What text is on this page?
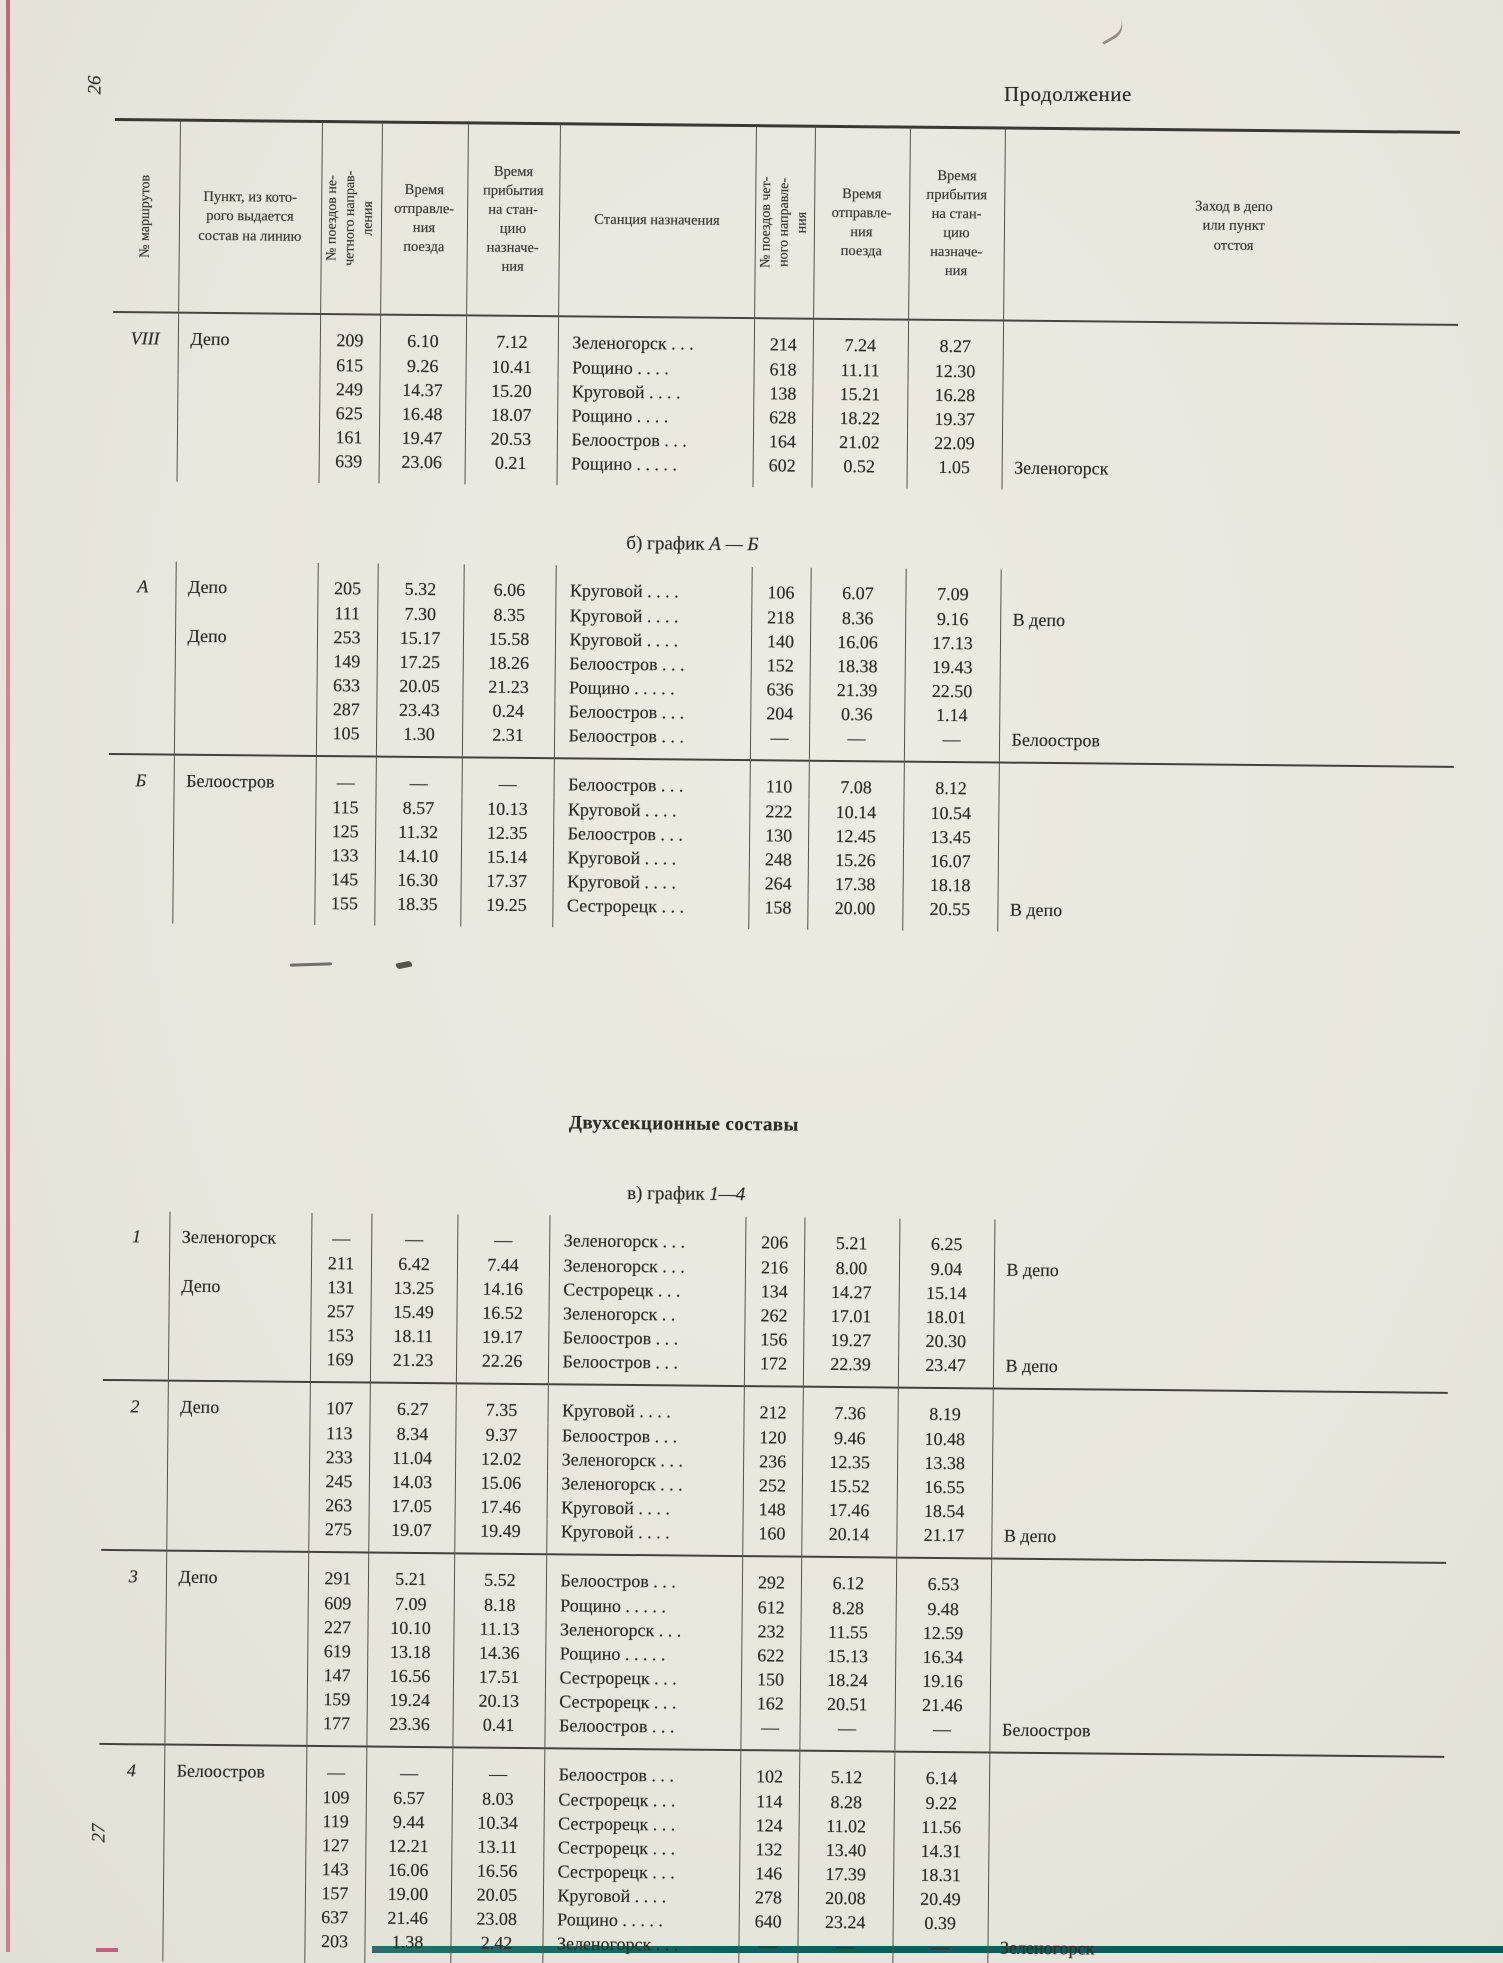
26
27
Продолжение
№ маршрутов	Пункт, из кото-
рого выдается
состав на линию	№ поездов не-
четного направ-
ления
	Время
отправле-
ния
поезда	Время
прибытия
на стан-
цию
назначе-
ния	Станция назначения	№ поездов чет-
ного направле-
ния
	Время
отправле-
ния
поезда	Время
прибытия
на стан-
цию
назначе-
ния	Заход в депо
или пункт
отстоя
VIII	Депо	209	6.10	7.12	Зеленогорск . . .	214	7.24	8.27	
		615	9.26	10.41	Рощино . . . .	618	11.11	12.30	
		249	14.37	15.20	Круговой . . . .	138	15.21	16.28	
		625	16.48	18.07	Рощино . . . .	628	18.22	19.37	
		161	19.47	20.53	Белоостров . . .	164	21.02	22.09	
		639	23.06	0.21	Рощино . . . . .	602	0.52	1.05	Зеленогорск
б) график А — Б									
А	Депо	205	5.32	6.06	Круговой . . . .	106	6.07	7.09	
		111	7.30	8.35	Круговой . . . .	218	8.36	9.16	В депо
	Депо	253	15.17	15.58	Круговой . . . .	140	16.06	17.13	
		149	17.25	18.26	Белоостров . . .	152	18.38	19.43	
		633	20.05	21.23	Рощино . . . . .	636	21.39	22.50	
		287	23.43	0.24	Белоостров . . .	204	0.36	1.14	
		105	1.30	2.31	Белоостров . . .	—	—	—	Белоостров
Б	Белоостров	—	—	—	Белоостров . . .	110	7.08	8.12	
		115	8.57	10.13	Круговой . . . .	222	10.14	10.54	
		125	11.32	12.35	Белоостров . . .	130	12.45	13.45	
		133	14.10	15.14	Круговой . . . .	248	15.26	16.07	
		145	16.30	17.37	Круговой . . . .	264	17.38	18.18	
		155	18.35	19.25	Сестрорецк . . .	158	20.00	20.55	В депо

Двухсекционные составы									
в) график 1—4									
1	Зеленогорск	—	—	—	Зеленогорск . . .	206	5.21	6.25	
		211	6.42	7.44	Зеленогорск . . .	216	8.00	9.04	В депо
	Депо	131	13.25	14.16	Сестрорецк . . .	134	14.27	15.14	
		257	15.49	16.52	Зеленогорск . .	262	17.01	18.01	
		153	18.11	19.17	Белоостров . . .	156	19.27	20.30	
		169	21.23	22.26	Белоостров . . .	172	22.39	23.47	В депо
2	Депо	107	6.27	7.35	Круговой . . . .	212	7.36	8.19	
		113	8.34	9.37	Белоостров . . .	120	9.46	10.48	
		233	11.04	12.02	Зеленогорск . . .	236	12.35	13.38	
		245	14.03	15.06	Зеленогорск . . .	252	15.52	16.55	
		263	17.05	17.46	Круговой . . . .	148	17.46	18.54	
		275	19.07	19.49	Круговой . . . .	160	20.14	21.17	В депо
3	Депо	291	5.21	5.52	Белоостров . . .	292	6.12	6.53	
		609	7.09	8.18	Рощино . . . . .	612	8.28	9.48	
		227	10.10	11.13	Зеленогорск . . .	232	11.55	12.59	
		619	13.18	14.36	Рощино . . . . .	622	15.13	16.34	
		147	16.56	17.51	Сестрорецк . . .	150	18.24	19.16	
		159	19.24	20.13	Сестрорецк . . .	162	20.51	21.46	
		177	23.36	0.41	Белоостров . . .	—	—	—	Белоостров
4	Белоостров	—	—	—	Белоостров . . .	102	5.12	6.14	
		109	6.57	8.03	Сестрорецк . . .	114	8.28	9.22	
		119	9.44	10.34	Сестрорецк . . .	124	11.02	11.56	
		127	12.21	13.11	Сестрорецк . . .	132	13.40	14.31	
		143	16.06	16.56	Сестрорецк . . .	146	17.39	18.31	
		157	19.00	20.05	Круговой . . . .	278	20.08	20.49	
		637	21.46	23.08	Рощино . . . . .	640	23.24	0.39	
		203	1.38	2.42	Зеленогорск . . .	—	—	—	Зеленогорск
